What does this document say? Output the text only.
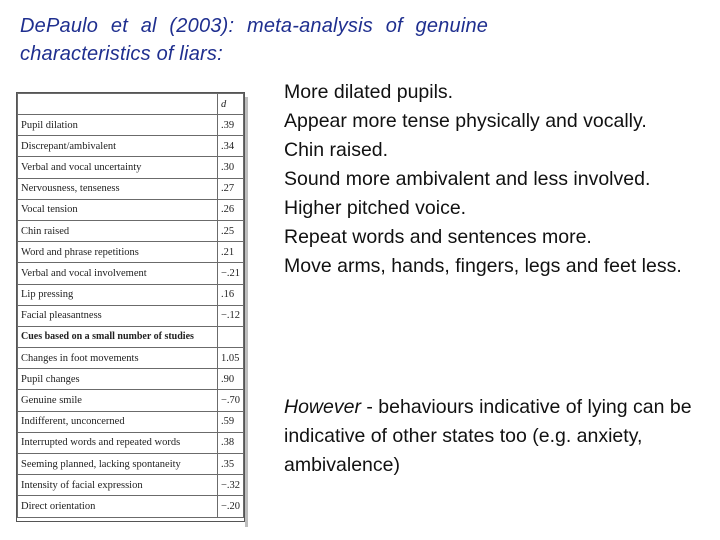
DePaulo et al (2003): meta-analysis of genuine
characteristics of liars:
	d
Pupil dilation	.39
Discrepant/ambivalent	.34
Verbal and vocal uncertainty	.30
Nervousness, tenseness	.27
Vocal tension	.26
Chin raised	.25
Word and phrase repetitions	.21
Verbal and vocal involvement	−.21
Lip pressing	.16
Facial pleasantness	−.12
Cues based on a small number of studies	
Changes in foot movements	1.05
Pupil changes	.90
Genuine smile	−.70
Indifferent, unconcerned	.59
Interrupted words and repeated words	.38
Seeming planned, lacking spontaneity	.35
Intensity of facial expression	−.32
Direct orientation	−.20

More dilated pupils.

Appear more tense physically and vocally.

Chin raised.

Sound more ambivalent and less involved.

Higher pitched voice.

Repeat words and sentences more.

Move arms, hands, fingers, legs and feet less.

However - behaviours indicative of lying can be indicative of other states too (e.g. anxiety, ambivalence)
